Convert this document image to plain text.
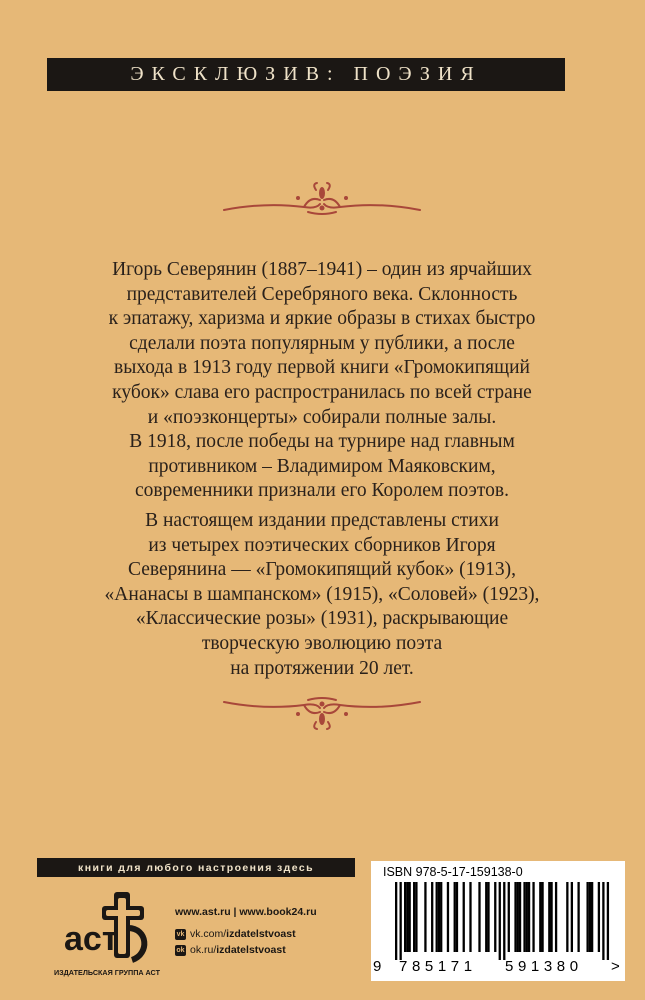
ЭКСКЛЮЗИВ: ПОЭЗИЯ
Игорь Северянин (1887–1941) – один из ярчайших
представителей Серебряного века. Склонность
к эпатажу, харизма и яркие образы в стихах быстро
сделали поэта популярным у публики, а после
выхода в 1913 году первой книги «Громокипящий
кубок» слава его распространилась по всей стране
и «поэзконцерты» собирали полные залы.
В 1918, после победы на турнире над главным
противником – Владимиром Маяковским,
современники признали его Королем поэтов.
В настоящем издании представлены стихи
из четырех поэтических сборников Игоря
Северянина — «Громокипящий кубок» (1913),
«Ананасы в шампанском» (1915), «Соловей» (1923),
«Классические розы» (1931), раскрывающие
творческую эволюцию поэта
на протяжении 20 лет.
книги для любого настроения здесь
aст
ИЗДАТЕЛЬСКАЯ ГРУППА АСТ
www.ast.ru | www.book24.ru
vk vk.com/ izdatelstvoast
ok ok.ru/ izdatelstvoast
ISBN 978-5-17-159138-0
9 785171 591380 >
